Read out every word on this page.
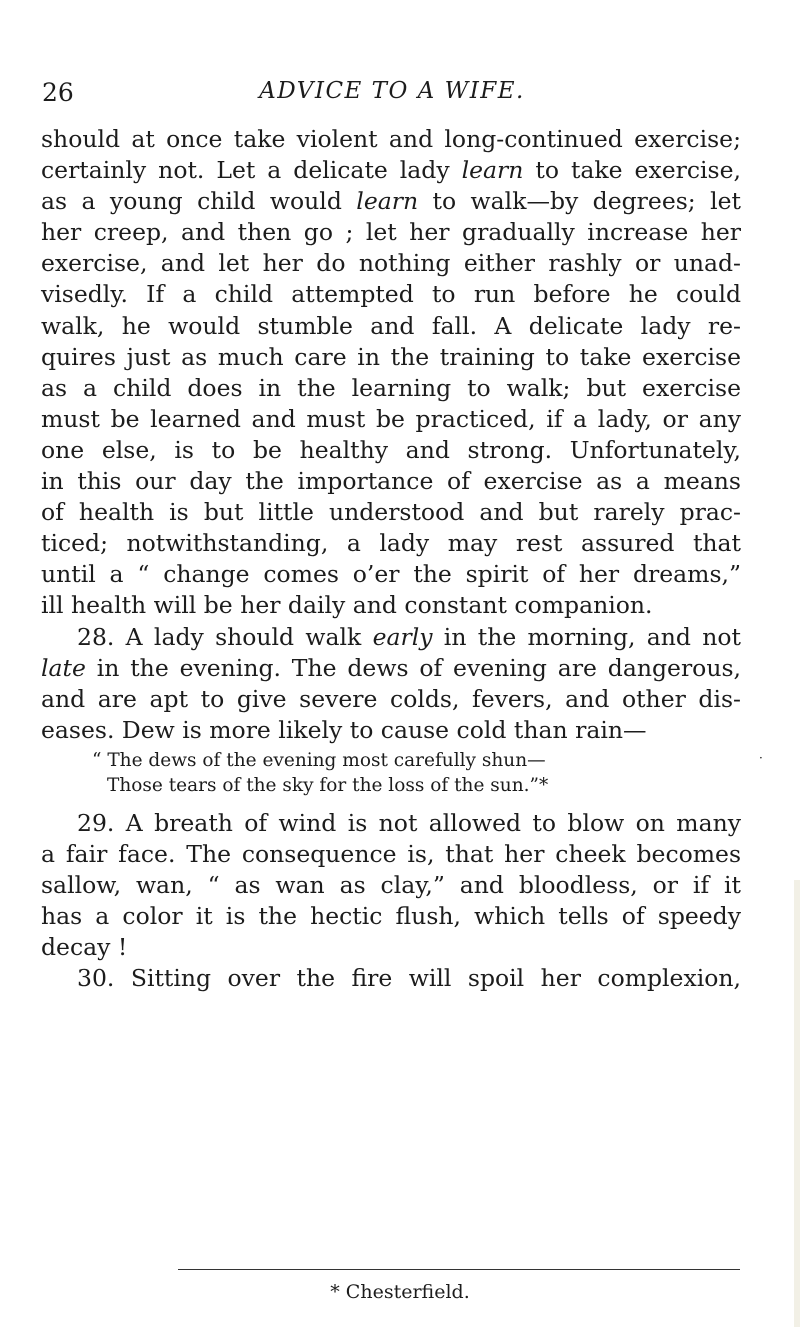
26	ADVICE TO A WIFE.
should at once take violent and long-continued exercise;
certainly not. Let a delicate lady learn to take exercise,
as a young child would learn to walk—by degrees; let
her creep, and then go ; let her gradually increase her
exercise, and let her do nothing either rashly or unad-
visedly. If a child attempted to run before he could
walk, he would stumble and fall. A delicate lady re-
quires just as much care in the training to take exercise
as a child does in the learning to walk; but exercise
must be learned and must be practiced, if a lady, or any
one else, is to be healthy and strong. Unfortunately,
in this our day the importance of exercise as a means
of health is but little understood and but rarely prac-
ticed; notwithstanding, a lady may rest assured that
until a “ change comes o’er the spirit of her dreams,”
ill health will be her daily and constant companion.
28. A lady should walk early in the morning, and not
late in the evening. The dews of evening are dangerous,
and are apt to give severe colds, fevers, and other dis-
eases. Dew is more likely to cause cold than rain—
·
“ The dews of the evening most carefully shun—
Those tears of the sky for the loss of the sun.”*
29. A breath of wind is not allowed to blow on many
a fair face. The consequence is, that her cheek becomes
sallow, wan, “ as wan as clay,” and bloodless, or if it
has a color it is the hectic flush, which tells of speedy
decay !
30. Sitting over the fire will spoil her complexion,
* Chesterfield.
